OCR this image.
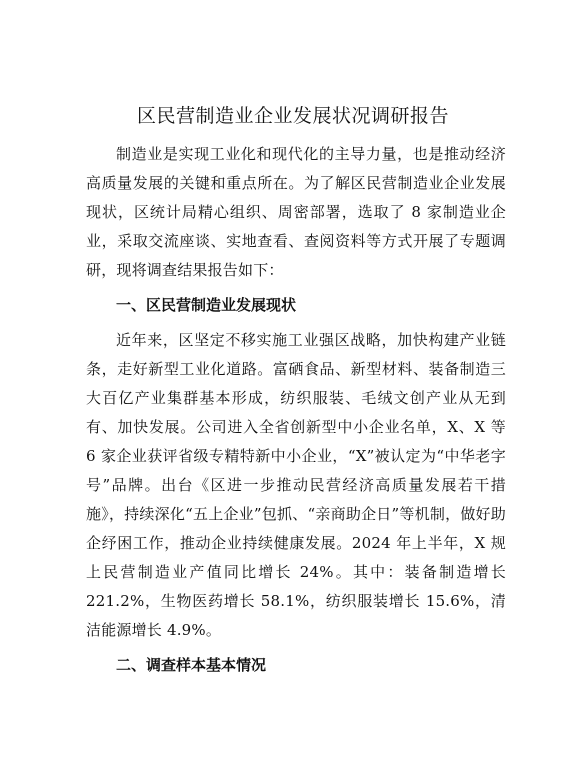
区民营制造业企业发展状况调研报告

制造业是实现工业化和现代化的主导力量，也是推动经济高质量发展的关键和重点所在。为了解区民营制造业企业发展现状，区统计局精心组织、周密部署，选取了 8 家制造业企业，采取交流座谈、实地查看、查阅资料等方式开展了专题调研，现将调查结果报告如下：

一、区民营制造业发展现状

近年来，区坚定不移实施工业强区战略，加快构建产业链条，走好新型工业化道路。富硒食品、新型材料、装备制造三大百亿产业集群基本形成，纺织服装、毛绒文创产业从无到有、加快发展。公司进入全省创新型中小企业名单，X、X 等 6 家企业获评省级专精特新中小企业，“X”被认定为“中华老字号”品牌。出台《区进一步推动民营经济高质量发展若干措施》，持续深化“五上企业”包抓、“亲商助企日”等机制，做好助企纾困工作，推动企业持续健康发展。2024 年上半年，X 规上民营制造业产值同比增长 24%。其中：装备制造增长 221.2%，生物医药增长 58.1%，纺织服装增长 15.6%，清洁能源增长 4.9%。

二、调查样本基本情况
